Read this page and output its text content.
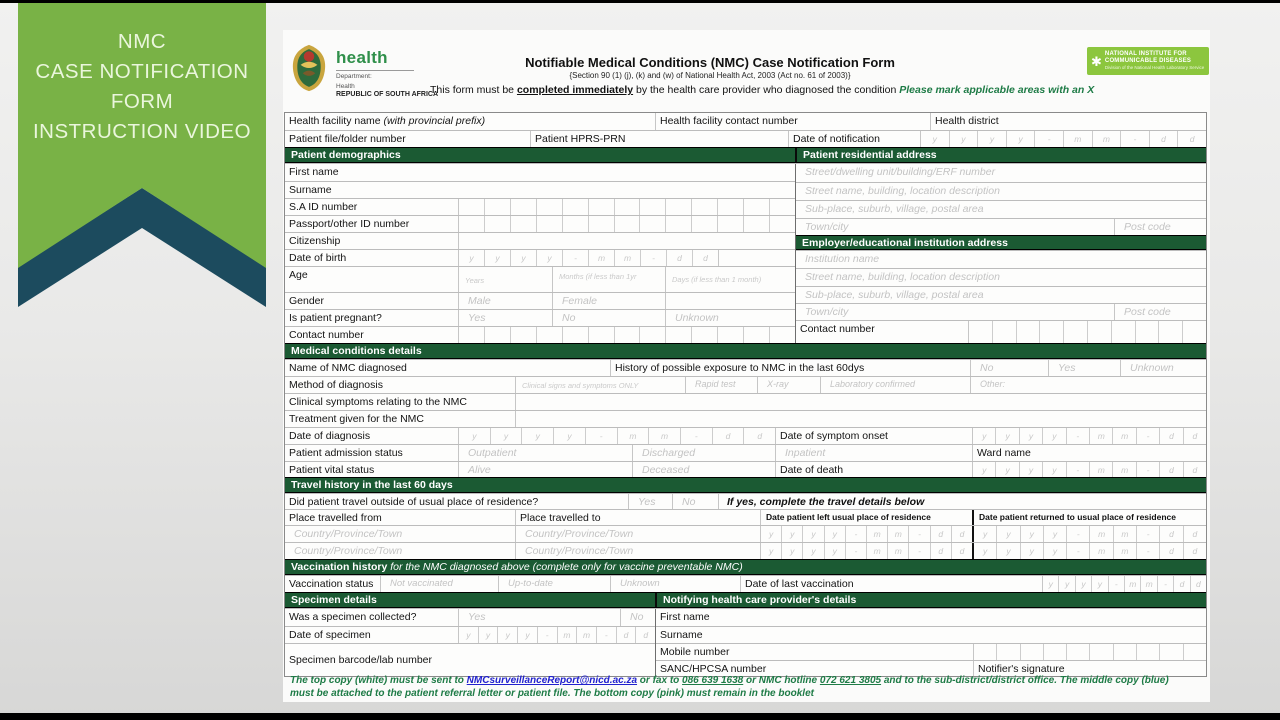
NMC
CASE NOTIFICATION
FORM
INSTRUCTION VIDEO
health
Department:
Health
REPUBLIC OF SOUTH AFRICA
Notifiable Medical Conditions (NMC) Case Notification Form
{Section 90 (1) (j), (k) and (w) of National Health Act, 2003 (Act no. 61 of 2003)}
This form must be completed immediately by the health care provider who diagnosed the condition Please mark applicable areas with an X
✱ NATIONAL INSTITUTE FOR
COMMUNICABLE DISEASES
Division of the National Health Laboratory Service
Health facility name (with provincial prefix)	Health facility contact number	Health district
Patient file/folder number	Patient HPRS-PRN	Date of notification	y	y	y	y	-	m	m	-	d	d
Patient demographics	Patient residential address
First name
Surname
S.A ID number
Passport/other ID number
Citizenship
Date of birth	y	y	y	y	-	m	m	-	d	d
Age	Years	Months (if less than 1yr	Days (if less than 1 month)
Gender	Male	Female
Is patient pregnant?	Yes	No	Unknown
Contact number
Street/dwelling unit/building/ERF number
Street name, building, location description
Sub-place, suburb, village, postal area
Town/city	Post code
Employer/educational institution address
Institution name
Street name, building, location description
Sub-place, suburb, village, postal area
Town/city	Post code
Contact number
Medical conditions details
Name of NMC diagnosed	History of possible exposure to NMC in the last 60dys	No	Yes	Unknown
Method of diagnosis	Clinical signs and symptoms ONLY	Rapid test	X-ray	Laboratory confirmed	Other:
Clinical symptoms relating to the NMC
Treatment given for the NMC
Date of diagnosis	y	y	y	y	-	m	m	-	d	d	Date of symptom onset	y	y	y	y	-	m	m	-	d	d
Patient admission status	Outpatient	Discharged	Inpatient	Ward name
Patient vital status	Alive	Deceased	Date of death	y	y	y	y	-	m	m	-	d	d
Travel history in the last 60 days
Did patient travel outside of usual place of residence?	Yes	No	If yes, complete the travel details below
Place travelled from	Place travelled to	Date patient left usual place of residence	Date patient returned to usual place of residence
Country/Province/Town	Country/Province/Town	y	y	y	y	-	m	m	-	d	d	y	y	y	y	-	m	m	-	d	d
Country/Province/Town	Country/Province/Town	y	y	y	y	-	m	m	-	d	d	y	y	y	y	-	m	m	-	d	d
Vaccination history for the NMC diagnosed above (complete only for vaccine preventable NMC)
Vaccination status	Not vaccinated	Up-to-date	Unknown	Date of last vaccination	y	y	y	y	-	m	m	-	d	d
Specimen details	Notifying health care provider's details
Was a specimen collected?	Yes	No
Date of specimen	y	y	y	y	-	m	m	-	d	d
Specimen barcode/lab number
First name
Surname
Mobile number
SANC/HPCSA number	Notifier's signature
The top copy (white) must be sent to NMCsurveillanceReport@nicd.ac.za or fax to 086 639 1638 or NMC hotline 072 621 3805 and to the sub-district/district office. The middle copy (blue)
must be attached to the patient referral letter or patient file. The bottom copy (pink) must remain in the booklet
